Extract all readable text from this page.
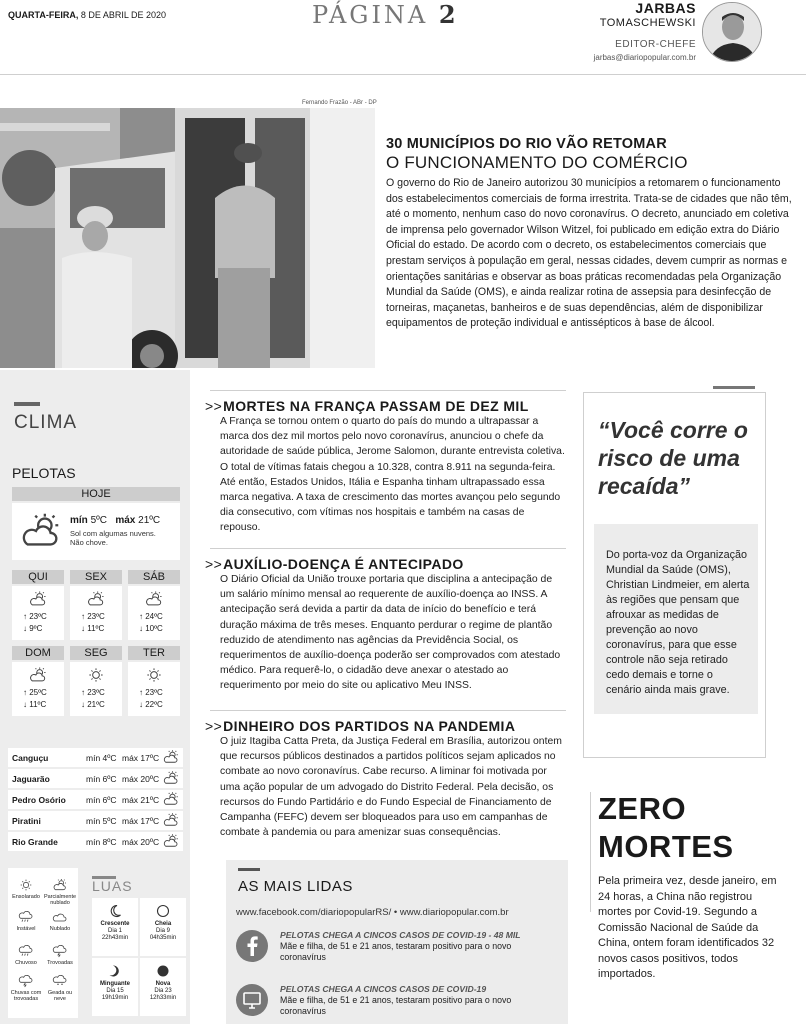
QUARTA-FEIRA, 8 DE ABRIL DE 2020	PÁGINA 2	JARBAS
TOMASCHEWSKI
EDITOR-CHEFE
jarbas@diariopopular.com.br
Fernando Frazão - ABr - DP
30 MUNICÍPIOS DO RIO VÃO RETOMAR
O FUNCIONAMENTO DO COMÉRCIO

O governo do Rio de Janeiro autorizou 30 municípios a retomarem o funcionamento dos estabelecimentos comerciais de forma irrestrita. Trata-se de cidades que não têm, até o momento, nenhum caso do novo coronavírus. O decreto, anunciado em coletiva de imprensa pelo governador Wilson Witzel, foi publicado em edição extra do Diário Oficial do estado. De acordo com o decreto, os estabelecimentos comerciais que prestam serviços à população em geral, nessas cidades, devem cumprir as normas e orientações sanitárias e observar as boas práticas recomendadas pela Organização Mundial da Saúde (OMS), e ainda realizar rotina de assepsia para desinfecção de torneiras, maçanetas, banheiros e de suas dependências, além de disponibilizar equipamentos de proteção individual e antissépticos à base de álcool.

CLIMA
PELOTAS
HOJE
mín 5ºC máx 21ºC
Sol com algumas nuvens. Não chove.
QUI
↑ 23ºC
↓ 9ºC
SEX
↑ 23ºC
↓ 11ºC
SÁB
↑ 24ºC
↓ 10ºC
DOM
↑ 25ºC
↓ 11ºC
SEG
↑ 23ºC
↓ 21ºC
TER
↑ 23ºC
↓ 22ºC
Canguçu	mín 4ºC máx 17ºC
Jaguarão	mín 6ºC máx 20ºC
Pedro Osório mín 6ºC máx 21ºC
Piratini	mín 5ºC máx 17ºC
Rio Grande	mín 8ºC máx 20ºC
Ensolarado Parcialmente nublado
Instável	Nublado
Chuvoso	Trovoadas
Chuvas com trovoadas
Geada ou neve
LUAS
Crescente
Dia 1
22h43min
Cheia
Dia 9
04h35min
Minguante
Dia 15
19h19min
Nova
Dia 23
12h33min
>>MORTES NA FRANÇA PASSAM DE DEZ MIL

A França se tornou ontem o quarto do país do mundo a ultrapassar a marca dos dez mil mortos pelo novo coronavírus, anunciou o chefe da autoridade de saúde pública, Jerome Salomon, durante entrevista coletiva. O total de vítimas fatais chegou a 10.328, contra 8.911 na segunda-feira. Até então, Estados Unidos, Itália e Espanha tinham ultrapassado essa marca negativa. A taxa de crescimento das mortes avançou pelo segundo dia consecutivo, com vítimas nos hospitais e também na casas de repouso.

>>AUXÍLIO-DOENÇA É ANTECIPADO

O Diário Oficial da União trouxe portaria que disciplina a antecipação de um salário mínimo mensal ao requerente de auxílio-doença ao INSS. A antecipação será devida a partir da data de início do benefício e terá duração máxima de três meses. Enquanto perdurar o regime de plantão reduzido de atendimento nas agências da Previdência Social, os requerimentos de auxílio-doença poderão ser comprovados com atestado médico. Para requerê-lo, o cidadão deve anexar o atestado ao requerimento por meio do site ou aplicativo Meu INSS.

>>DINHEIRO DOS PARTIDOS NA PANDEMIA

O juiz Itagiba Catta Preta, da Justiça Federal em Brasília, autorizou ontem que recursos públicos destinados a partidos políticos sejam aplicados no combate ao novo coronavírus. Cabe recurso. A liminar foi motivada por uma ação popular de um advogado do Distrito Federal. Pela decisão, os recursos do Fundo Partidário e do Fundo Especial de Financiamento de Campanha (FEFC) devem ser bloqueados para uso em campanhas de combate à pandemia ou para amenizar suas consequências.

“Você corre o risco de uma recaída”
Do porta-voz da Organização Mundial da Saúde (OMS), Christian Lindmeier, em alerta às regiões que pensam que afrouxar as medidas de prevenção ao novo coronavírus, para que esse controle não seja retirado cedo demais e torne o cenário ainda mais grave.
ZERO
MORTES
Pela primeira vez, desde janeiro, em 24 horas, a China não registrou mortes por Covid-19. Segundo a Comissão Nacional de Saúde da China, ontem foram identificados 32 novos casos positivos, todos importados.
AS MAIS LIDAS
www.facebook.com/diariopopularRS/ • www.diariopopular.com.br
PELOTAS CHEGA A CINCOS CASOS DE COVID-19 - 48 MIL
Mãe e filha, de 51 e 21 anos, testaram positivo para o novo coronavírus
PELOTAS CHEGA A CINCOS CASOS DE COVID-19
Mãe e filha, de 51 e 21 anos, testaram positivo para o novo coronavírus
